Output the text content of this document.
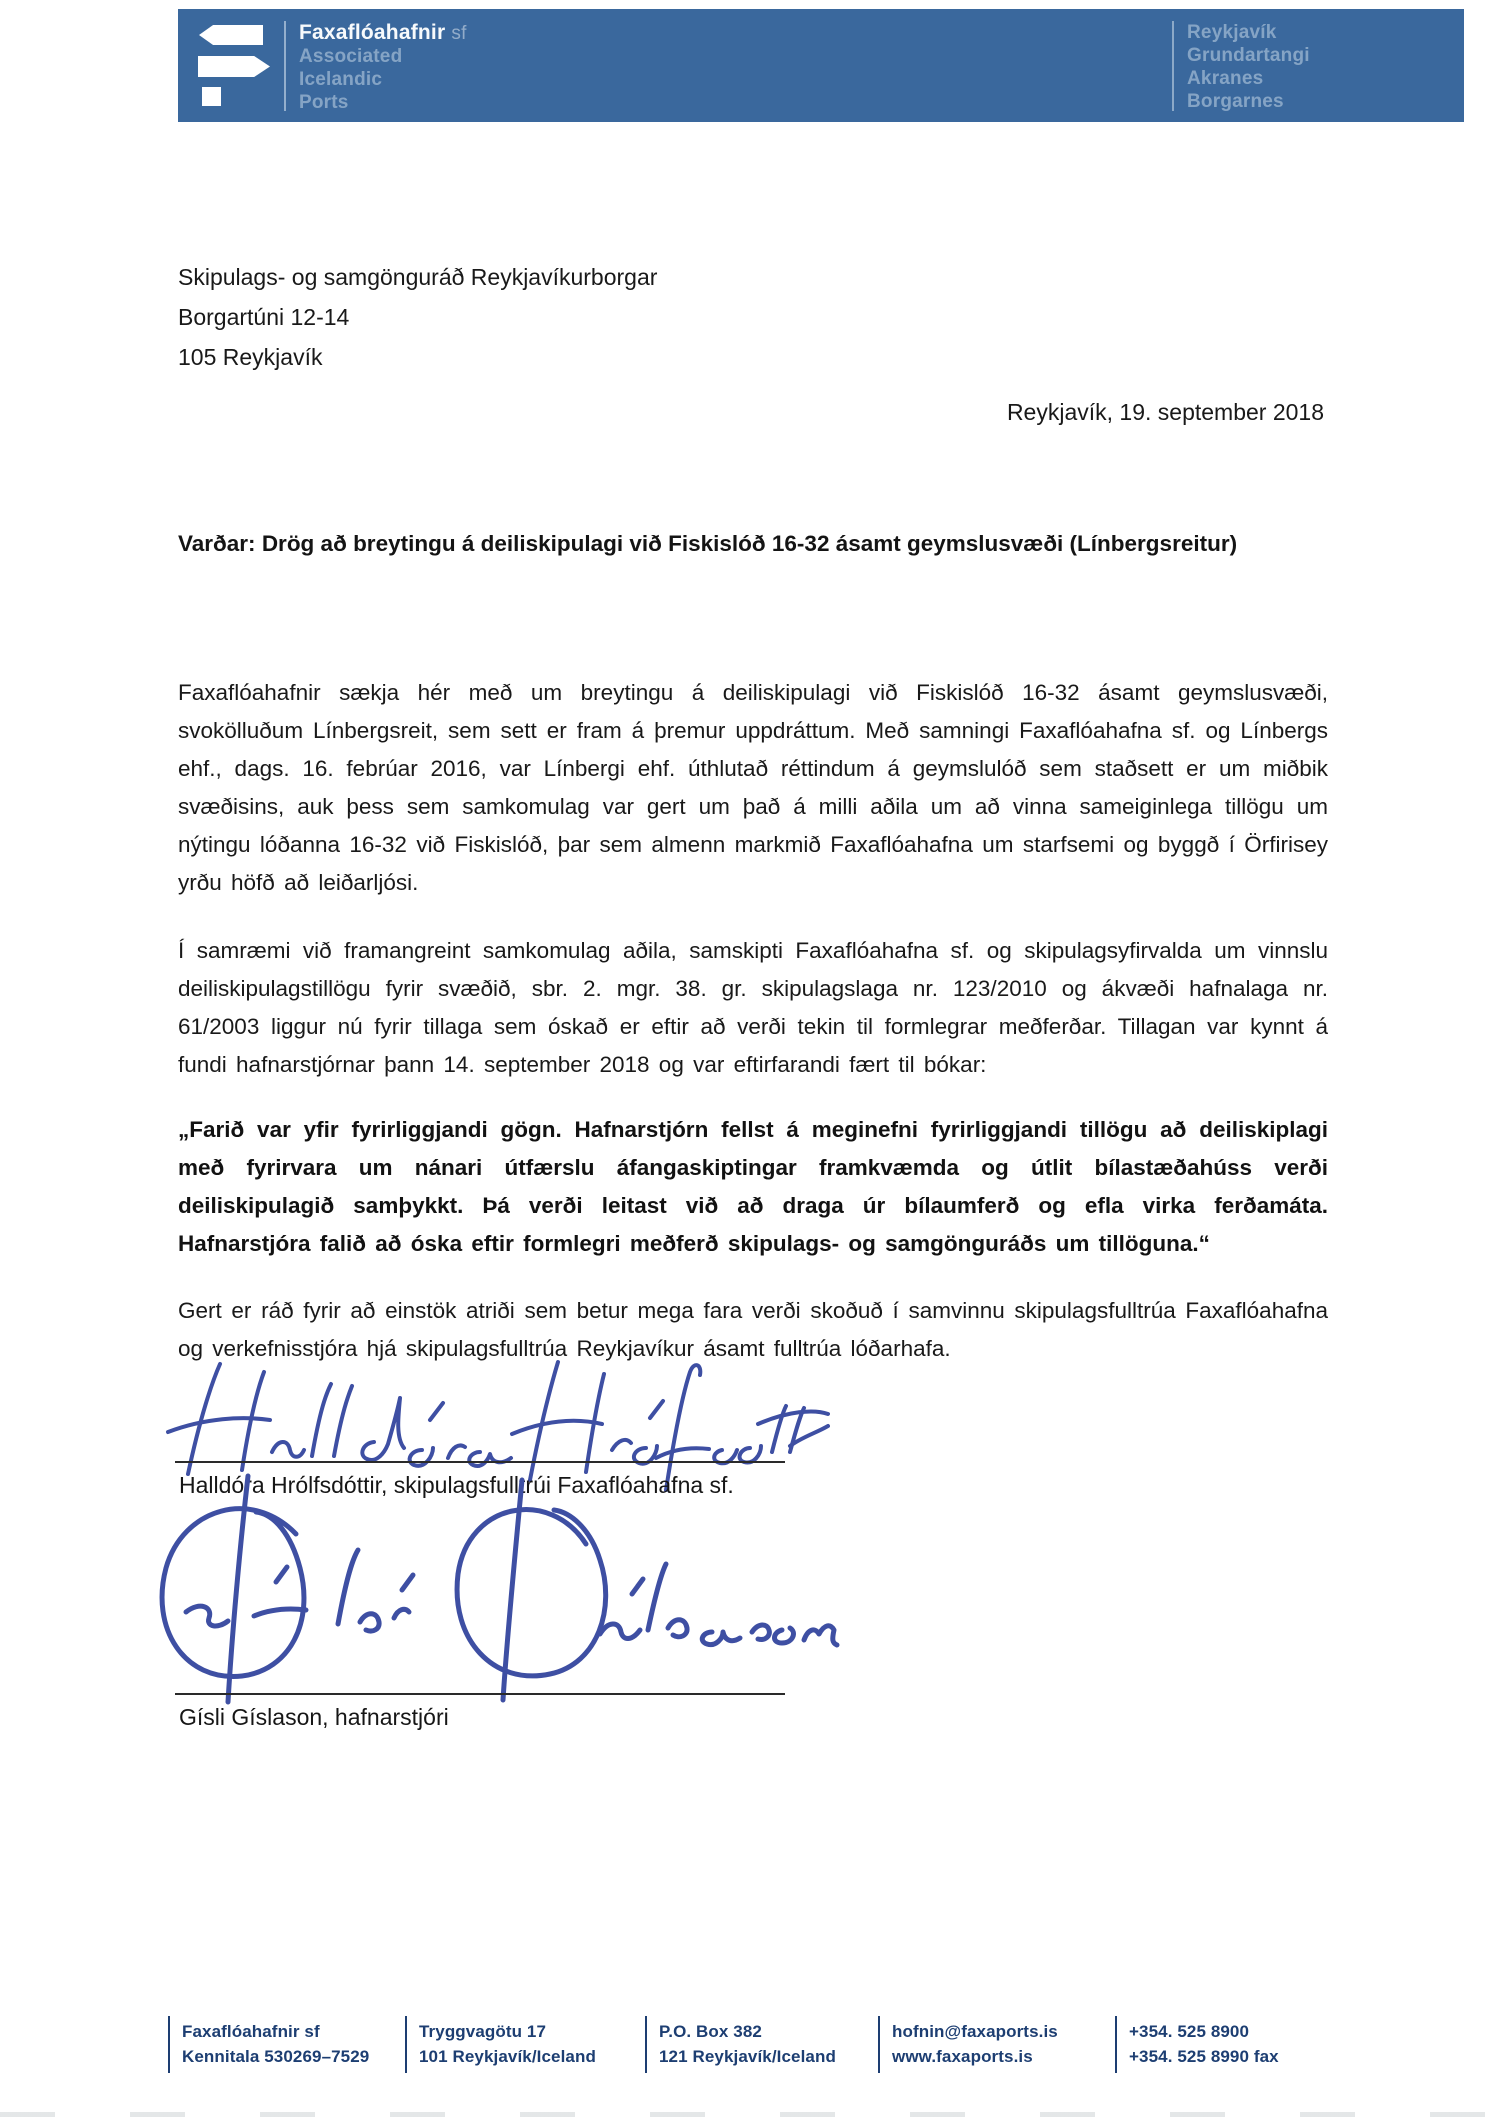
Faxaflóahafnir sf
Associated
Icelandic
Ports
Reykjavík
Grundartangi
Akranes
Borgarnes
Skipulags- og samgönguráð Reykjavíkurborgar
Borgartúni 12-14
105 Reykjavík
Reykjavík, 19. september 2018
Varðar: Drög að breytingu á deiliskipulagi við Fiskislóð 16-32 ásamt geymslusvæði (Línbergsreitur)

Faxaflóahafnir sækja hér með um breytingu á deiliskipulagi við Fiskislóð 16-32 ásamt geymslusvæði, svokölluðum Línbergsreit, sem sett er fram á þremur uppdráttum. Með samningi Faxaflóahafna sf. og Línbergs ehf., dags. 16. febrúar 2016, var Línbergi ehf. úthlutað réttindum á geymslulóð sem staðsett er um miðbik svæðisins, auk þess sem samkomulag var gert um það á milli aðila um að vinna sameiginlega tillögu um nýtingu lóðanna 16-32 við Fiskislóð, þar sem almenn markmið Faxaflóahafna um starfsemi og byggð í Örfirisey yrðu höfð að leiðarljósi.

Í samræmi við framangreint samkomulag aðila, samskipti Faxaflóahafna sf. og skipulagsyfirvalda um vinnslu deiliskipulagstillögu fyrir svæðið, sbr. 2. mgr. 38. gr. skipulagslaga nr. 123/2010 og ákvæði hafnalaga nr. 61/2003 liggur nú fyrir tillaga sem óskað er eftir að verði tekin til formlegrar meðferðar. Tillagan var kynnt á fundi hafnarstjórnar þann 14. september 2018 og var eftirfarandi fært til bókar:

„Farið var yfir fyrirliggjandi gögn. Hafnarstjórn fellst á meginefni fyrirliggjandi tillögu að deiliskiplagi með fyrirvara um nánari útfærslu áfangaskiptingar framkvæmda og útlit bílastæðahúss verði deiliskipulagið samþykkt. Þá verði leitast við að draga úr bílaumferð og efla virka ferðamáta. Hafnarstjóra falið að óska eftir formlegri meðferð skipulags- og samgönguráðs um tillöguna.“

Gert er ráð fyrir að einstök atriði sem betur mega fara verði skoðuð í samvinnu skipulagsfulltrúa Faxaflóahafna og verkefnisstjóra hjá skipulagsfulltrúa Reykjavíkur ásamt fulltrúa lóðarhafa.

Halldóra Hrólfsdóttir, skipulagsfulltrúi Faxaflóahafna sf.
Gísli Gíslason, hafnarstjóri
Faxaflóahafnir sf
Kennitala 530269–7529
Tryggvagötu 17
101 Reykjavík/Iceland
P.O. Box 382
121 Reykjavík/Iceland
hofnin@faxaports.is
www.faxaports.is
+354. 525 8900
+354. 525 8990 fax
